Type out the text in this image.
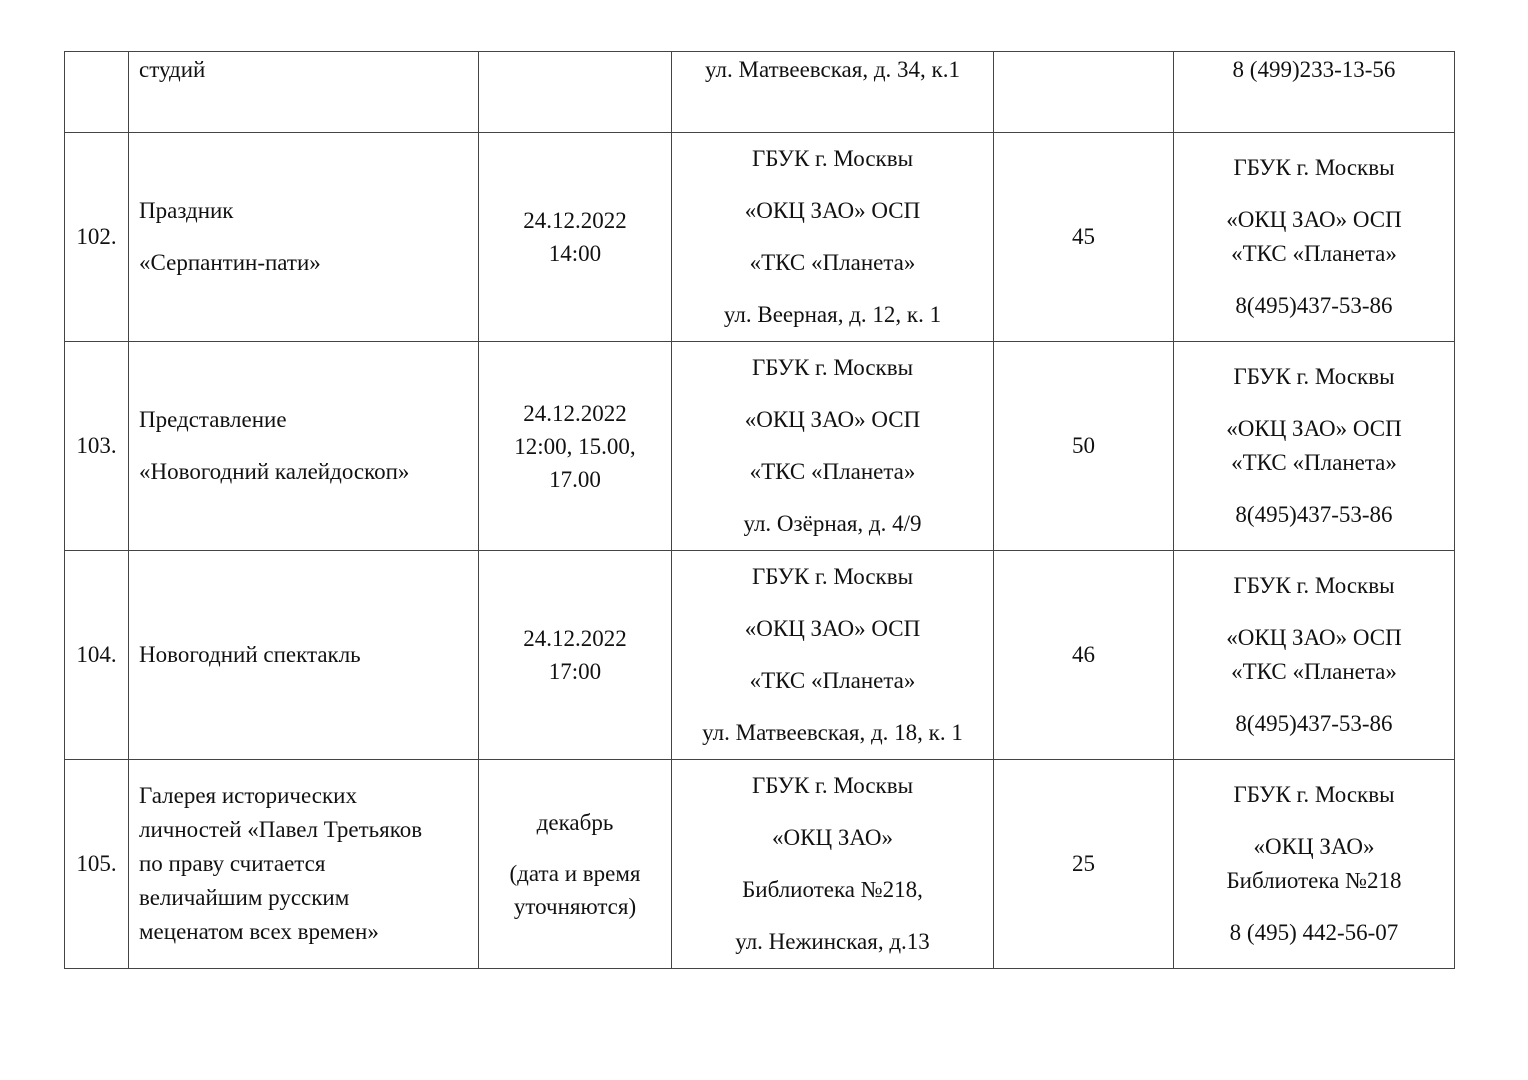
	студий		ул. Матвеевская, д. 34, к.1		8 (499)233-13-56

102.	Праздник
«Серпантин-пати»	24.12.2022
14:00	ГБУК г. Москвы
«ОКЦ ЗАО» ОСП
«ТКС «Планета»
ул. Веерная, д. 12, к. 1	45	ГБУК г. Москвы
«ОКЦ ЗАО» ОСП
«ТКС «Планета»
8(495)437-53-86

103.	Представление
«Новогодний калейдоскоп»	24.12.2022
12:00, 15.00,
17.00	ГБУК г. Москвы
«ОКЦ ЗАО» ОСП
«ТКС «Планета»
ул. Озёрная, д. 4/9	50	ГБУК г. Москвы
«ОКЦ ЗАО» ОСП
«ТКС «Планета»
8(495)437-53-86

104.	Новогодний спектакль	24.12.2022
17:00	ГБУК г. Москвы
«ОКЦ ЗАО» ОСП
«ТКС «Планета»
ул. Матвеевская, д. 18, к. 1	46	ГБУК г. Москвы
«ОКЦ ЗАО» ОСП
«ТКС «Планета»
8(495)437-53-86

105.	Галерея исторических
личностей «Павел Третьяков
по праву считается
величайшим русским
меценатом всех времен»	декабрь
(дата и время
уточняются)	ГБУК г. Москвы
«ОКЦ ЗАО»
Библиотека №218,
ул. Нежинская, д.13	25	ГБУК г. Москвы
«ОКЦ ЗАО»
Библиотека №218
8 (495) 442-56-07
